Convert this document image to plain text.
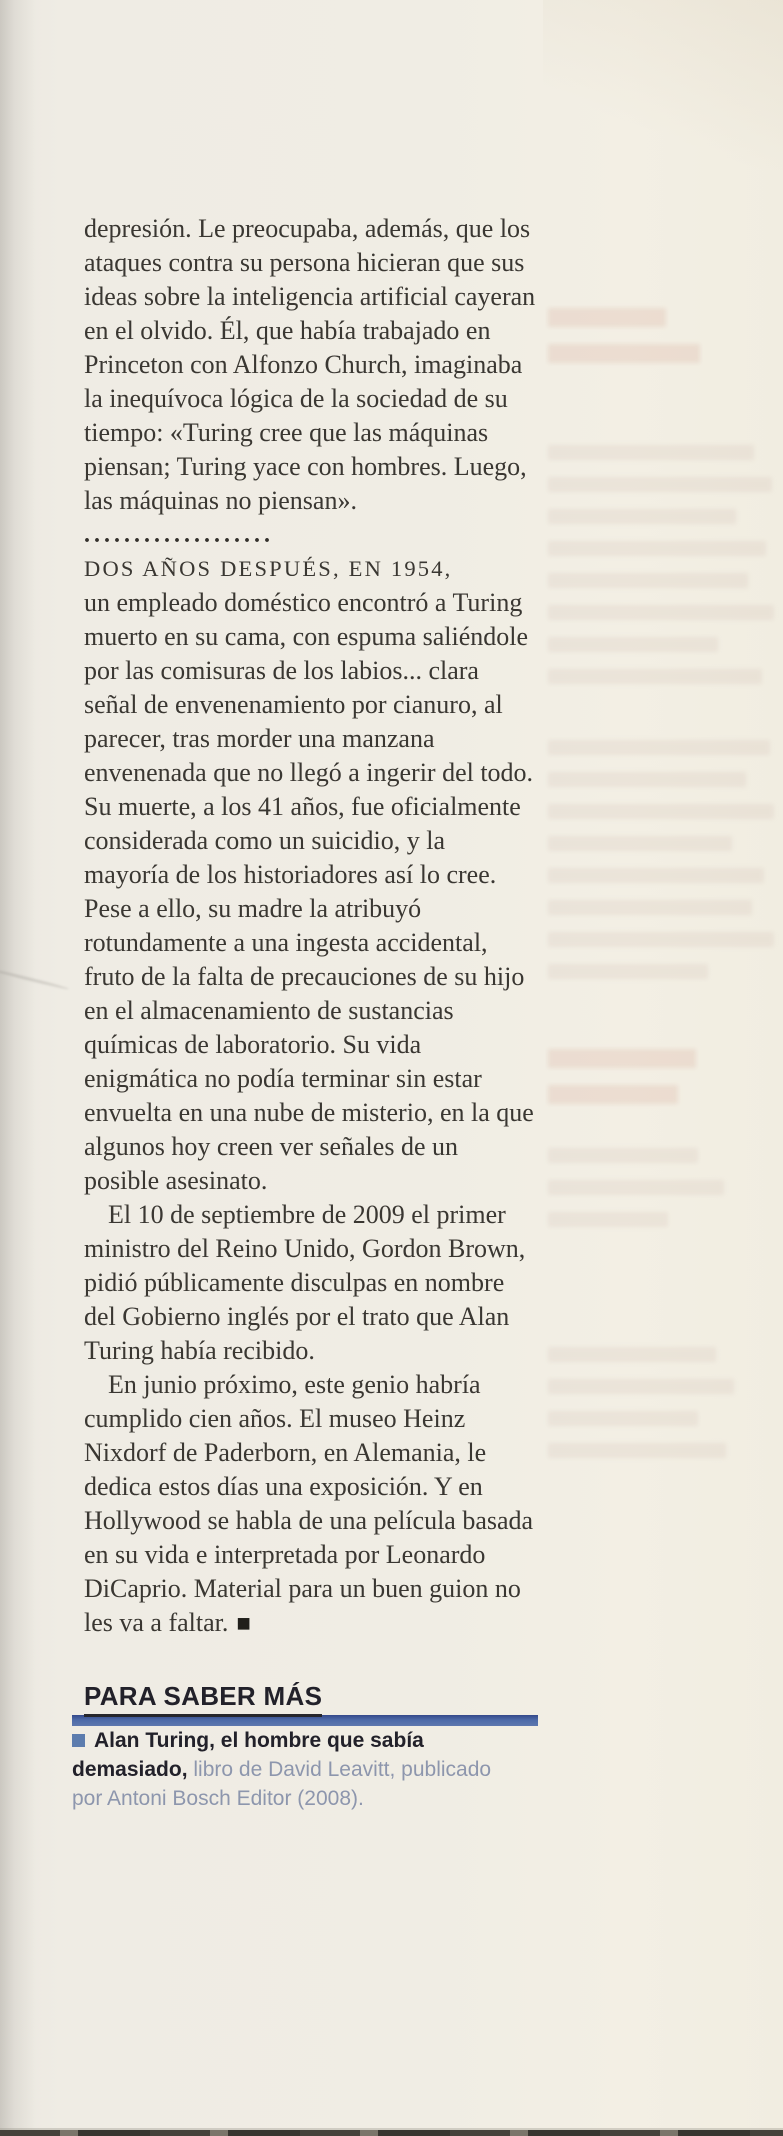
depresión. Le preocupaba, además, que los ataques contra su persona hicieran que sus ideas sobre la inteligencia artificial cayeran en el olvido. Él, que había trabajado en Princeton con Alfonzo Church, imaginaba la inequívoca lógica de la sociedad de su tiempo: «Turing cree que las máquinas piensan; Turing yace con hombres. Luego, las máquinas no piensan».

...................

DOS AÑOS DESPUÉS, EN 1954,
un empleado doméstico encontró a Turing muerto en su cama, con espuma saliéndole por las comisuras de los labios... clara señal de envenenamiento por cianuro, al parecer, tras morder una manzana envenenada que no llegó a ingerir del todo. Su muerte, a los 41 años, fue oficialmente considerada como un suicidio, y la mayoría de los historiadores así lo cree. Pese a ello, su madre la atribuyó rotundamente a una ingesta accidental, fruto de la falta de precauciones de su hijo en el almacenamiento de sustancias químicas de laboratorio. Su vida enigmática no podía terminar sin estar envuelta en una nube de misterio, en la que algunos hoy creen ver señales de un posible asesinato.

El 10 de septiembre de 2009 el primer ministro del Reino Unido, Gordon Brown, pidió públicamente disculpas en nombre del Gobierno inglés por el trato que Alan Turing había recibido.

En junio próximo, este genio habría cumplido cien años. El museo Heinz Nixdorf de Paderborn, en Alemania, le dedica estos días una exposición. Y en Hollywood se habla de una película basada en su vida e interpretada por Leonardo DiCaprio. Material para un buen guion no les va a faltar. ■

PARA SABER MÁS

Alan Turing, el hombre que sabía demasiado, libro de David Leavitt, publicado por Antoni Bosch Editor (2008).
